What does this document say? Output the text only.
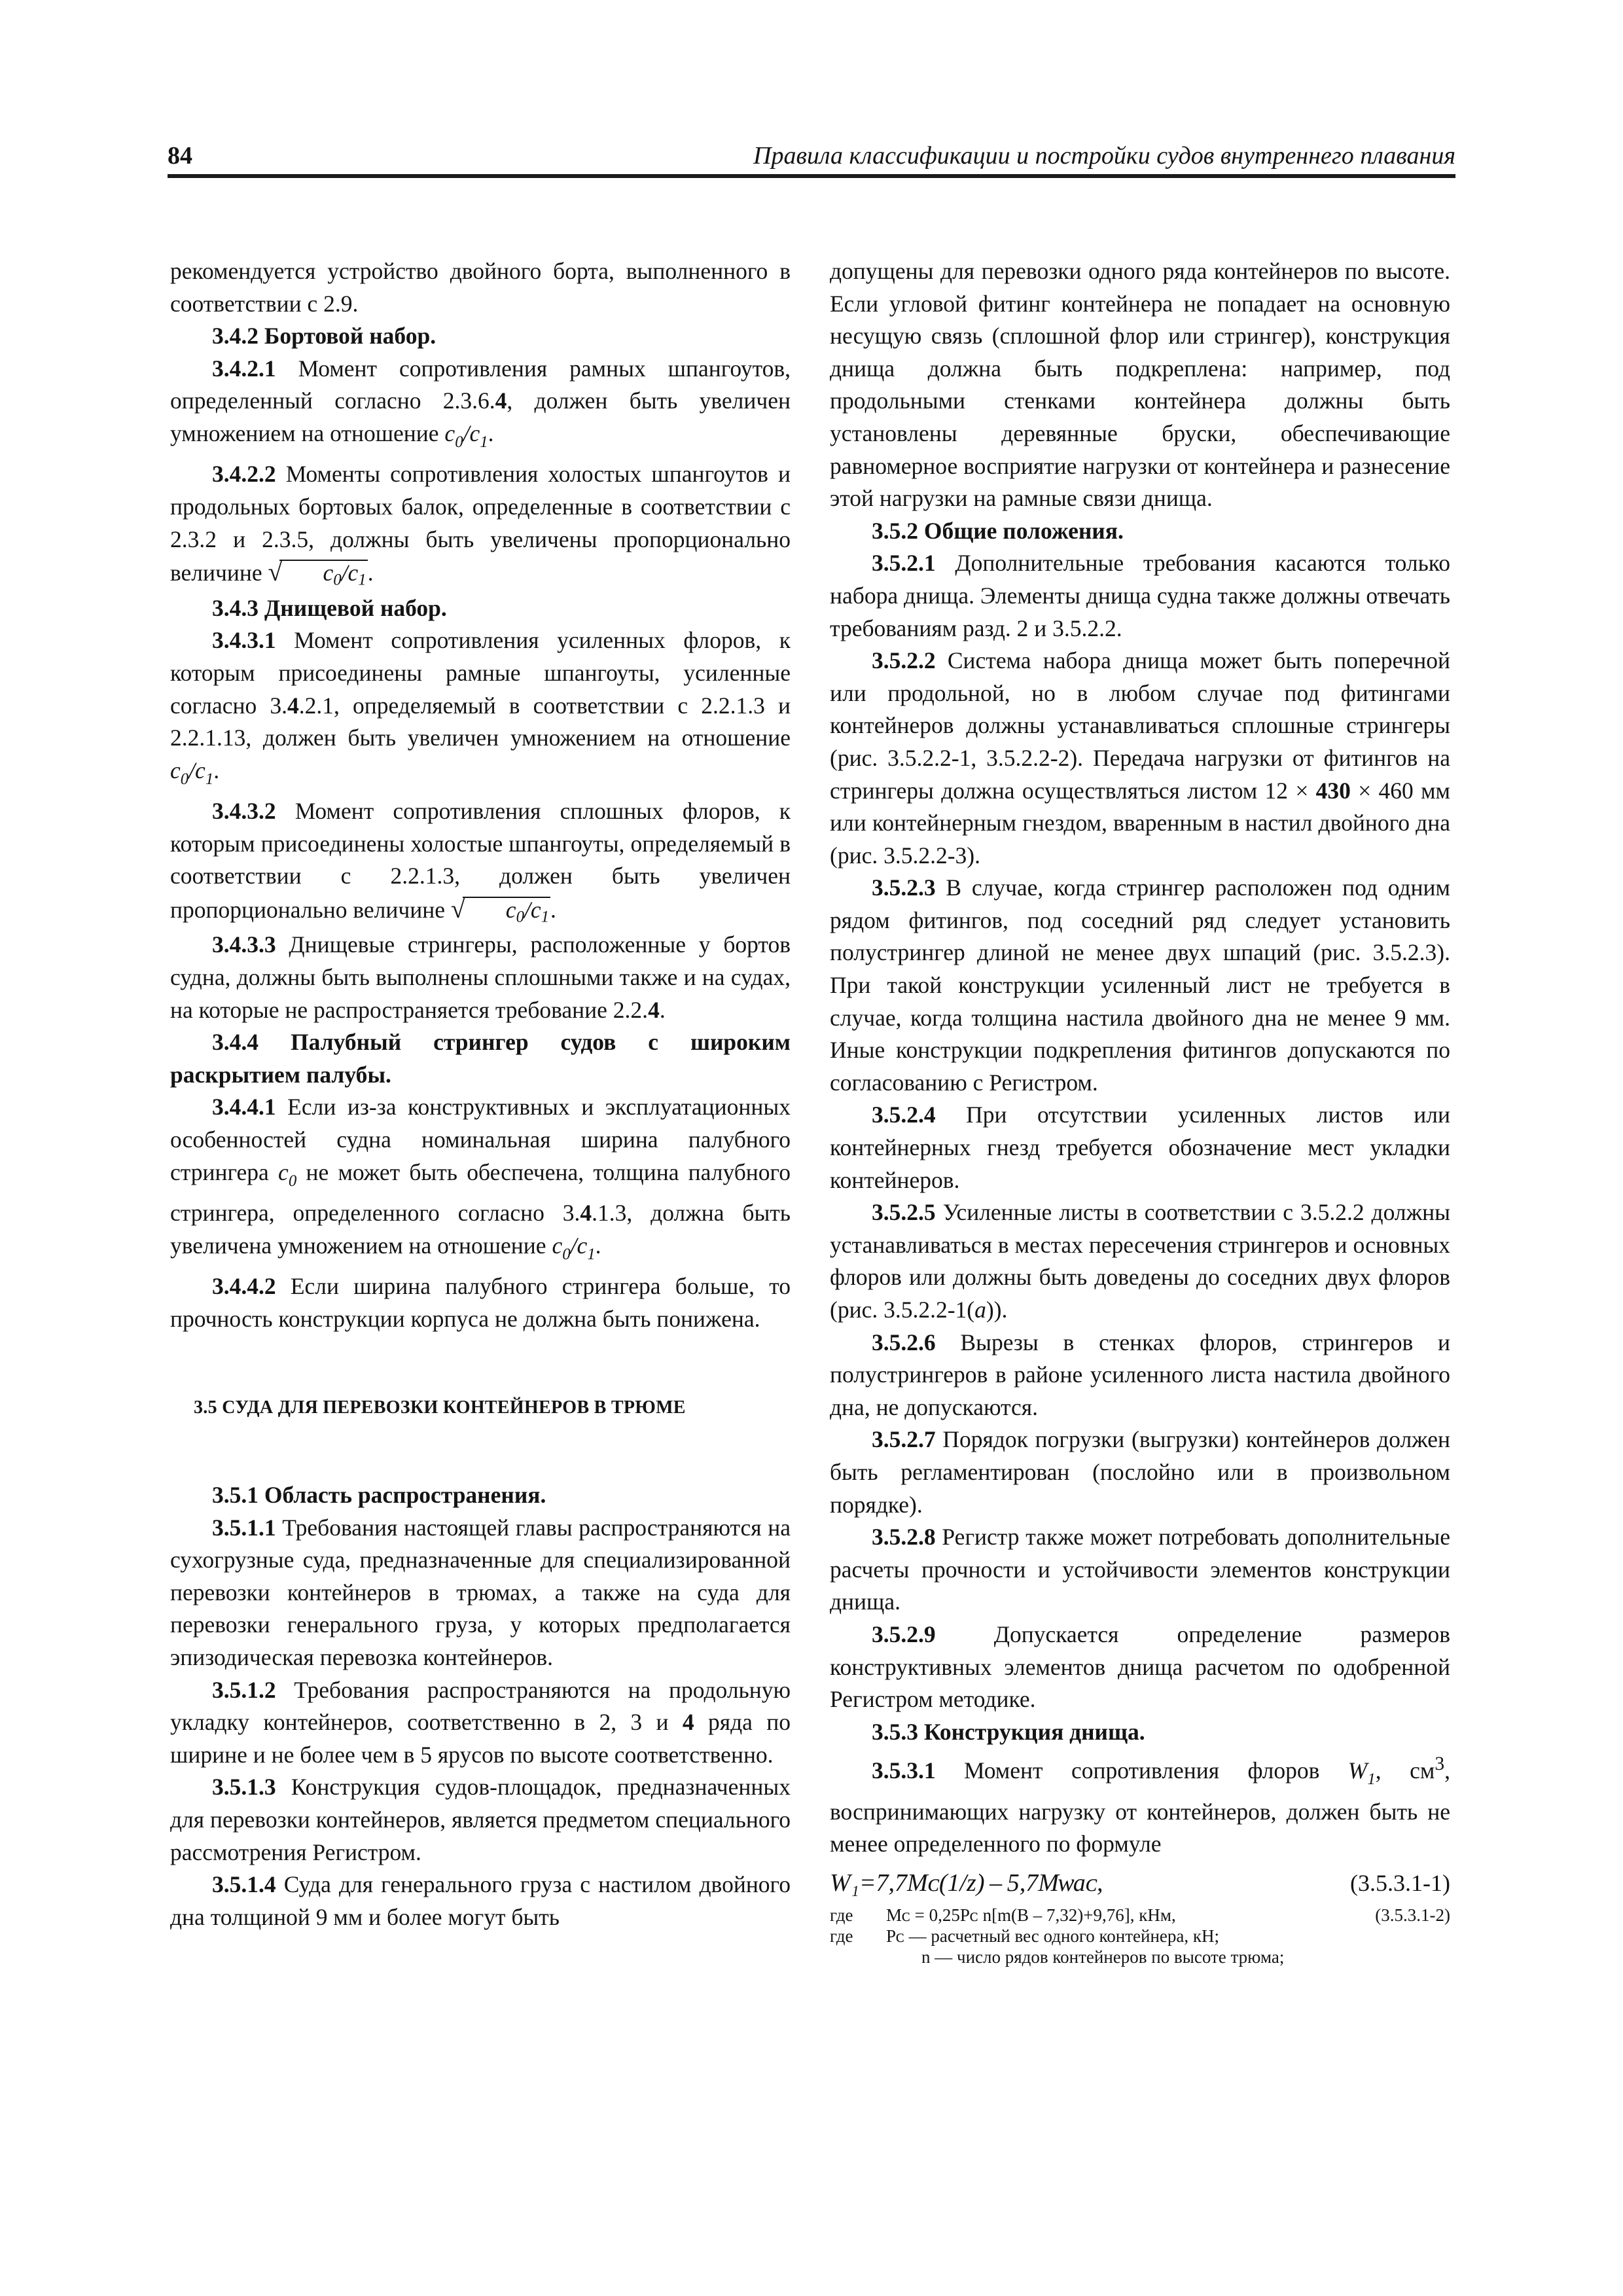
84	Правила классификации и постройки судов внутреннего плавания

рекомендуется устройство двойного борта, выполненного в соответствии с 2.9.

3.4.2 Бортовой набор.

3.4.2.1 Момент сопротивления рамных шпангоутов, определенный согласно 2.3.6.4, должен быть увеличен умножением на отношение $c_0/c_1$.

3.4.2.2 Моменты сопротивления холостых шпангоутов и продольных бортовых балок, определенные в соответствии с 2.3.2 и 2.3.5, должны быть увеличены пропорционально величине √ c0/c1.

3.4.3 Днищевой набор.

3.4.3.1 Момент сопротивления усиленных флоров, к которым присоединены рамные шпангоуты, усиленные согласно 3.4.2.1, определяемый в соответствии с 2.2.1.3 и 2.2.1.13, должен быть увеличен умножением на отношение $c_0/c_1$.

3.4.3.2 Момент сопротивления сплошных флоров, к которым присоединены холостые шпангоуты, определяемый в соответствии с 2.2.1.3, должен быть увеличен пропорционально величине √ c0/c1.

3.4.3.3 Днищевые стрингеры, расположенные у бортов судна, должны быть выполнены сплошными также и на судах, на которые не распространяется требование 2.2.4.

3.4.4 Палубный стрингер судов с широким раскрытием палубы.

3.4.4.1 Если из-за конструктивных и эксплуатационных особенностей судна номинальная ширина палубного стрингера $c_0$ не может быть обеспечена, толщина палубного стрингера, определенного согласно 3.4.1.3, должна быть увеличена умножением на отношение $c_0/c_1$.

3.4.4.2 Если ширина палубного стрингера больше, то прочность конструкции корпуса не должна быть понижена.

3.5 СУДА ДЛЯ ПЕРЕВОЗКИ КОНТЕЙНЕРОВ В ТРЮМЕ

3.5.1 Область распространения.

3.5.1.1 Требования настоящей главы распространяются на сухогрузные суда, предназначенные для специализированной перевозки контейнеров в трюмах, а также на суда для перевозки генерального груза, у которых предполагается эпизодическая перевозка контейнеров.

3.5.1.2 Требования распространяются на продольную укладку контейнеров, соответственно в 2, 3 и 4 ряда по ширине и не более чем в 5 ярусов по высоте соответственно.

3.5.1.3 Конструкция судов-площадок, предназначенных для перевозки контейнеров, является предметом специального рассмотрения Регистром.

3.5.1.4 Суда для генерального груза с настилом двойного дна толщиной 9 мм и более могут быть

допущены для перевозки одного ряда контейнеров по высоте. Если угловой фитинг контейнера не попадает на основную несущую связь (сплошной флор или стрингер), конструкция днища должна быть подкреплена: например, под продольными стенками контейнера должны быть установлены деревянные бруски, обеспечивающие равномерное восприятие нагрузки от контейнера и разнесение этой нагрузки на рамные связи днища.

3.5.2 Общие положения.

3.5.2.1 Дополнительные требования касаются только набора днища. Элементы днища судна также должны отвечать требованиям разд. 2 и 3.5.2.2.

3.5.2.2 Система набора днища может быть поперечной или продольной, но в любом случае под фитингами контейнеров должны устанавливаться сплошные стрингеры (рис. 3.5.2.2-1, 3.5.2.2-2). Передача нагрузки от фитингов на стрингеры должна осуществляться листом 12 × 430 × 460 мм или контейнерным гнездом, вваренным в настил двойного дна (рис. 3.5.2.2-3).

3.5.2.3 В случае, когда стрингер расположен под одним рядом фитингов, под соседний ряд следует установить полустрингер длиной не менее двух шпаций (рис. 3.5.2.3). При такой конструкции усиленный лист не требуется в случае, когда толщина настила двойного дна не менее 9 мм. Иные конструкции подкрепления фитингов допускаются по согласованию с Регистром.

3.5.2.4 При отсутствии усиленных листов или контейнерных гнезд требуется обозначение мест укладки контейнеров.

3.5.2.5 Усиленные листы в соответствии с 3.5.2.2 должны устанавливаться в местах пересечения стрингеров и основных флоров или должны быть доведены до соседних двух флоров (рис. 3.5.2.2-1(а)).

3.5.2.6 Вырезы в стенках флоров, стрингеров и полустрингеров в районе усиленного листа настила двойного дна, не допускаются.

3.5.2.7 Порядок погрузки (выгрузки) контейнеров должен быть регламентирован (послойно или в произвольном порядке).

3.5.2.8 Регистр также может потребовать дополнительные расчеты прочности и устойчивости элементов конструкции днища.

3.5.2.9 Допускается определение размеров конструктивных элементов днища расчетом по одобренной Регистром методике.

3.5.3 Конструкция днища.

3.5.3.1 Момент сопротивления флоров $W_1$, $см^3$, воспринимающих нагрузку от контейнеров, должен быть не менее определенного по формуле

W₁=7,7Mᴄ(1/z) – 5,7Mᴡaᴄ,	(3.5.3.1-1)
где	Mᴄ = 0,25Pᴄ n[m(B – 7,32)+9,76], кНм,	(3.5.3.1-2)
где	Pᴄ — расчетный вес одного контейнера, кН;
n — число рядов контейнеров по высоте трюма;
